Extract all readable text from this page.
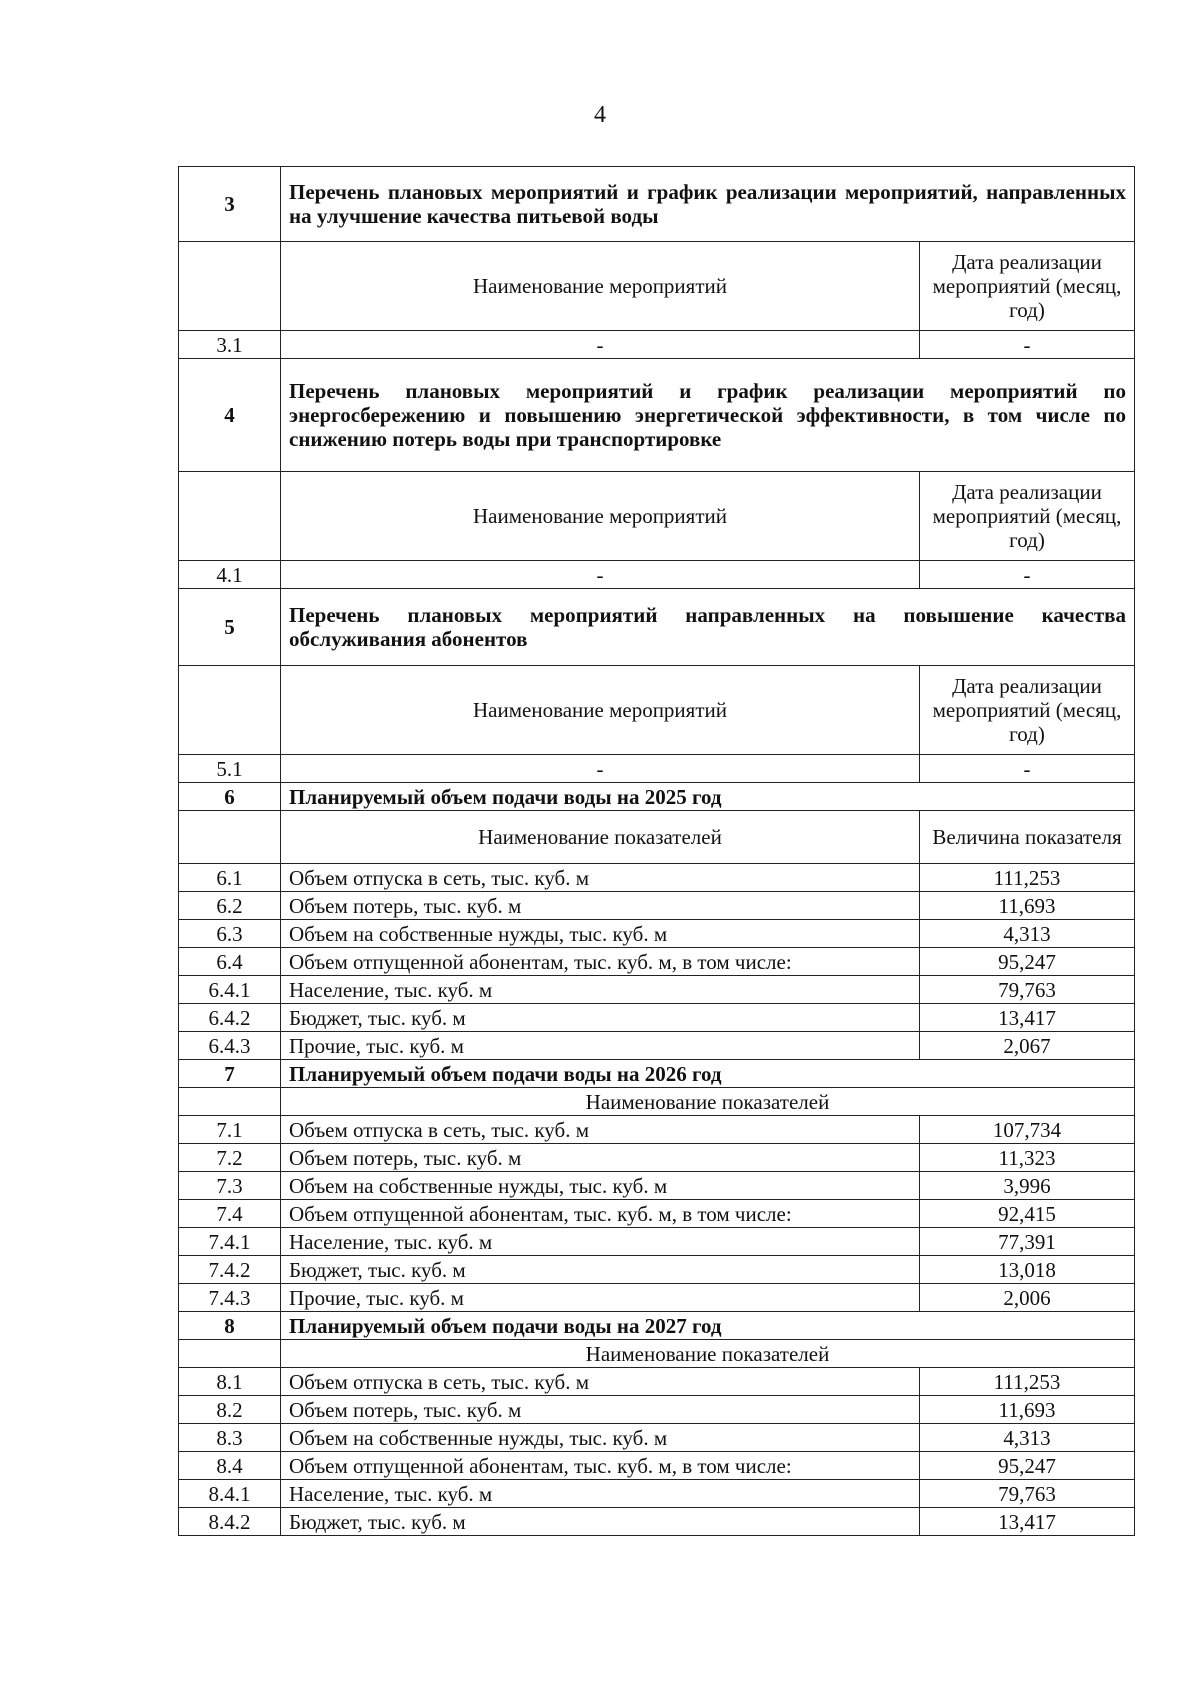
4
3	Перечень плановых мероприятий и график реализации мероприятий, направленных на улучшение качества питьевой воды	
	Наименование мероприятий	Дата реализации мероприятий (месяц, год)
3.1	-	-
4	Перечень плановых мероприятий и график реализации мероприятий по энергосбережению и повышению энергетической эффективности, в том числе по снижению потерь воды при транспортировке	
	Наименование мероприятий	Дата реализации мероприятий (месяц, год)
4.1	-	-
5	Перечень плановых мероприятий направленных на повышение качества обслуживания абонентов	
	Наименование мероприятий	Дата реализации мероприятий (месяц, год)
5.1	-	-
6	Планируемый объем подачи воды на 2025 год	
	Наименование показателей	Величина показателя
6.1	Объем отпуска в сеть, тыс. куб. м	111,253
6.2	Объем потерь, тыс. куб. м	11,693
6.3	Объем на собственные нужды, тыс. куб. м	4,313
6.4	Объем отпущенной абонентам, тыс. куб. м, в том числе:	95,247
6.4.1	Население, тыс. куб. м	79,763
6.4.2	Бюджет, тыс. куб. м	13,417
6.4.3	Прочие, тыс. куб. м	2,067
7	Планируемый объем подачи воды на 2026 год	
	Наименование показателей	
7.1	Объем отпуска в сеть, тыс. куб. м	107,734
7.2	Объем потерь, тыс. куб. м	11,323
7.3	Объем на собственные нужды, тыс. куб. м	3,996
7.4	Объем отпущенной абонентам, тыс. куб. м, в том числе:	92,415
7.4.1	Население, тыс. куб. м	77,391
7.4.2	Бюджет, тыс. куб. м	13,018
7.4.3	Прочие, тыс. куб. м	2,006
8	Планируемый объем подачи воды на 2027 год	
	Наименование показателей	
8.1	Объем отпуска в сеть, тыс. куб. м	111,253
8.2	Объем потерь, тыс. куб. м	11,693
8.3	Объем на собственные нужды, тыс. куб. м	4,313
8.4	Объем отпущенной абонентам, тыс. куб. м, в том числе:	95,247
8.4.1	Население, тыс. куб. м	79,763
8.4.2	Бюджет, тыс. куб. м	13,417
